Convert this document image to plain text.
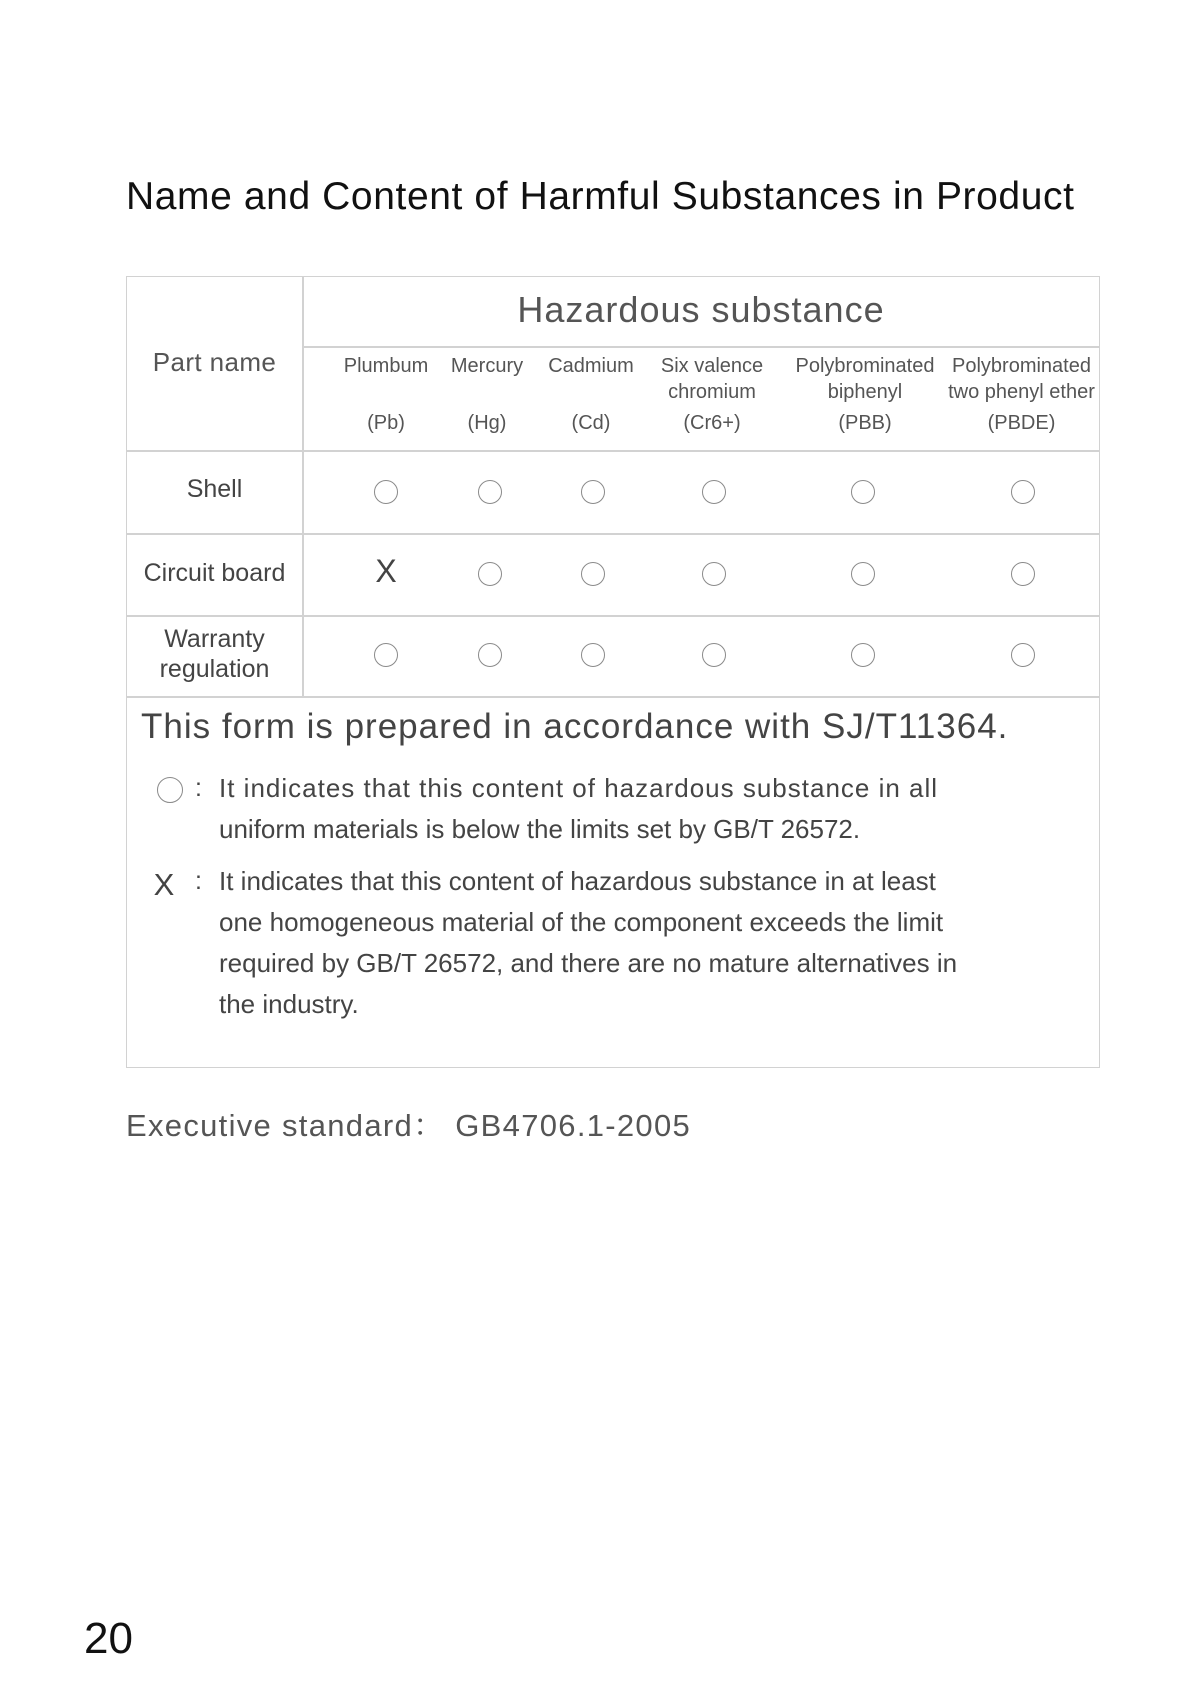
Name and Content of Harmful Substances in Product
Part name
Hazardous substance
Plumbum
(Pb)
Mercury
(Hg)
Cadmium
(Cd)
Six valence
chromium
(Cr6+)
Polybrominated
biphenyl
(PBB)
Polybrominated
two phenyl ether
(PBDE)
Shell
Circuit board
Warranty
regulation
X
This form is prepared in accordance with SJ/T11364.
: It indicates that this content of hazardous substance in all
uniform materials is below the limits set by GB/T 26572.
X : It indicates that this content of hazardous substance in at least
one homogeneous material of the component exceeds the limit
required by GB/T 26572, and there are no mature alternatives in
the industry.
Executive standard： GB4706.1-2005
20
